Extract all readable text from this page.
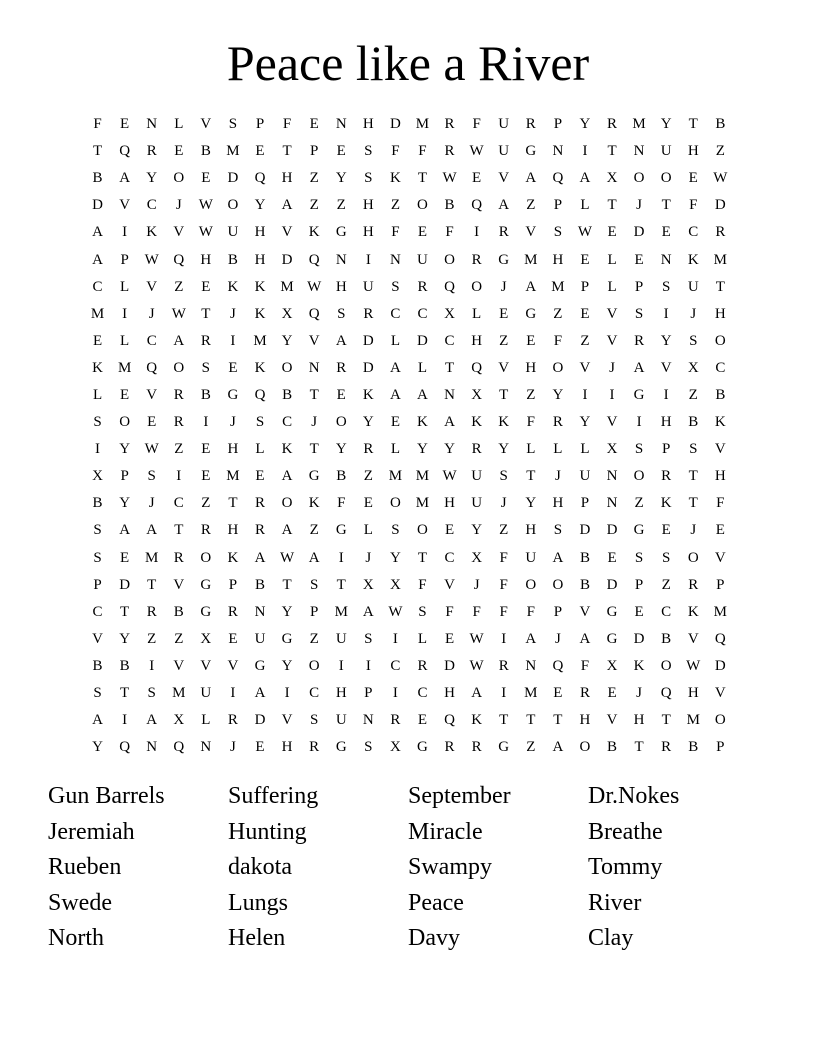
Peace like a River
F	E	N	L	V	S	P	F	E	N	H	D M	R	F	U	R	P	Y	R	M Y	T	B
T	Q	R	E	B	M	E	T	P	E	S	F	F	R W U	G	N	I	T	N	U	H	Z
B	A	Y	O	E	D	Q	H	Z	Y	S	K	T	W	E	V	A	Q	A	X	O	O	E	W
D	V	C	J	W O	Y	A	Z	Z	H	Z	O	B	Q	A	Z	P	L	T	J	T	F	D
A	I	K	V W U	H	V	K	G	H	F	E	F	I	R	V	S	W	E	D	E	C	R
A	P	W Q	H	B	H	D	Q	N	I	N	U	O	R	G M H	E	L	E	N	K M
C	L	V	Z	E	K	K M W H	U	S	R	Q	O	J	A M	P	L	P	S	U	T
M	I	J	W	T	J	K	X	Q	S	R	C	C	X	L	E	G	Z	E	V	S	I	J	H
E	L	C	A	R	I	M Y	V	A	D	L	D	C	H	Z	E	F	Z	V	R	Y	S	O
K M Q	O	S	E	K	O	N	R	D	A	L	T	Q	V	H	O	V	J	A	V	X	C
L	E	V	R	B	G	Q	B	T	E	K	A	A	N	X	T	Z	Y	I	I	G	I	Z	B
S	O	E	R	I	J	S	C	J	O	Y	E	K	A	K	K	F	R	Y	V	I	H	B	K
I	Y W	Z	E	H	L	K	T	Y	R	L	Y	Y	R	Y	L	L	L	X	S	P	S	V
X	P	S	I	E	M	E	A	G	B	Z	M M W U	S	T	J	U	N	O	R	T	H
B	Y	J	C	Z	T	R	O	K	F	E	O M H	U	J	Y	H	P	N	Z	K	T	F
S	A	A	T	R	H	R	A	Z	G	L	S	O	E	Y	Z	H	S	D	D	G	E	J	E
S	E	M	R	O	K	A W A	I	J	Y	T	C	X	F	U	A	B	E	S	S	O	V
P	D	T	V	G	P	B	T	S	T	X	X	F	V	J	F	O	O	B	D	P	Z	R	P
C	T	R	B	G	R	N	Y	P	M A W	S	F	F	F	F	P	V	G	E	C	K M
V	Y	Z	Z	X	E	U	G	Z	U	S	I	L	E	W	I	A	J	A	G	D	B	V	Q
B	B	I	V	V	V	G	Y	O	I	I	C	R	D W R	N	Q	F	X	K	O W D
S	T	S	M U	I	A	I	C	H	P	I	C	H	A	I	M	E	R	E	J	Q	H	V
A	I	A	X	L	R	D	V	S	U	N	R	E	Q	K	T	T	T	H	V	H	T	M O
Y	Q	N	Q	N	J	E	H	R	G	S	X	G	R	R	G	Z	A	O	B	T	R	B	P
Gun Barrels	Suffering	September	Dr.Nokes
Jeremiah	Hunting	Miracle	Breathe
Rueben	dakota	Swampy	Tommy
Swede	Lungs	Peace	River
North	Helen	Davy	Clay
